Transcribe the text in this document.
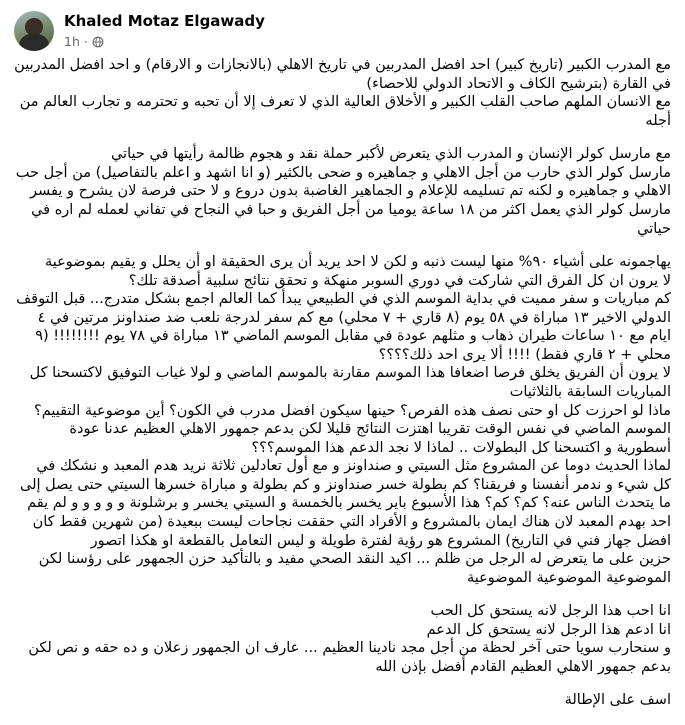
Khaled Motaz Elgawady
1h ·

مع المدرب الكبير (تاريخ كبير) احد افضل المدربين في تاريخ الاهلي (بالانجازات و الارقام) و احد افضل المدربين في القارة (بترشيح الكاف و الاتحاد الدولي للاحصاء)

مع الانسان الملهم صاحب القلب الكبير و الأخلاق العالية الذي لا تعرف إلا أن تحبه و تحترمه و تجارب العالم من أجله

مع مارسل كولر الإنسان و المدرب الذي يتعرض لأكبر حملة نقد و هجوم ظالمة رأيتها في حياتي

مارسل كولر الذي حارب من أجل الاهلي و جماهيره و ضحى بالكثير (و انا اشهد و اعلم بالتفاصيل) من أجل حب الاهلي و جماهيره و لكنه تم تسليمه للإعلام و الجماهير الغاضبة بدون دروع و لا حتى فرصة لان يشرح و يفسر

مارسل كولر الذي يعمل اكثر من ١٨ ساعة يوميا من أجل الفريق و حبا في النجاح في تفاني لعمله لم اره في حياتي

يهاجمونه على أشياء ٩٠% منها ليست ذنبه و لكن لا احد يريد أن يرى الحقيقة او أن يحلل و يقيم بموضوعية

لا يرون ان كل الفرق التي شاركت في دوري السوبر منهكة و تحقق نتائج سلبية أصدقة تلك؟

كم مباريات و سفر مميت في بداية الموسم الذي في الطبيعي يبدأ كما العالم اجمع بشكل متدرج... قبل التوقف الدولي الاخير ١٣ مباراة في ٥٨ يوم (٨ قاري + ٧ محلي) مع كم سفر لدرجة نلعب ضد صنداونز مرتين في ٤ ايام مع ١٠ ساعات طيران ذهاب و مثلهم عودة في مقابل الموسم الماضي ١٣ مباراة في ٧٨ يوم !!!!!!!! (٩ محلي + ٢ قاري فقط) !!!! ألا يرى احد ذلك؟؟؟؟

لا يرون أن الفريق يخلق فرصا اضعافا هذا الموسم مقارنة بالموسم الماضي و لولا غياب التوفيق لاكتسحنا كل المباريات السابقة بالثلاثيات

ماذا لو احرزت كل او حتى نصف هذه الفرص؟ حينها سيكون افضل مدرب في الكون؟ أين موضوعية التقييم؟

الموسم الماضي في نفس الوقت تقريبا اهتزت النتائج قليلا لكن بدعم جمهور الاهلي العظيم عدنا عودة أسطورية و اكتسحنا كل البطولات .. لماذا لا نجد الدعم هذا الموسم؟؟؟

لماذا الحديث دوما عن المشروع مثل السيتي و صنداونز و مع أول تعادلين ثلاثة نريد هدم المعبد و نشكك في كل شيء و ندمر أنفسنا و فريقنا؟ كم بطولة خسر صنداونز و كم بطولة و مباراة خسرها السيتي حتى يصل إلى ما يتحدث الناس عنه؟ كم؟ كم؟ هذا الأسبوع باير يخسر بالخمسة و السيتي يخسر و برشلونة و و و و و لم يقم احد بهدم المعبد لان هناك ايمان بالمشروع و الأفراد التي حققت نجاحات ليست ببعيدة (من شهرين فقط كان افضل جهاز فني في التاريخ) المشروع هو رؤية لفترة طويلة و ليس التعامل بالقطعة او هكذا اتصور

حزين على ما يتعرض له الرجل من ظلم ... اكيد النقد الصحي مفيد و بالتأكيد حزن الجمهور على رؤسنا لكن الموضوعية الموضوعية الموضوعية

انا احب هذا الرجل لانه يستحق كل الحب

انا ادعم هذا الرجل لانه يستحق كل الدعم

و سنحارب سويا حتى آخر لحظة من أجل مجد نادينا العظيم ... عارف ان الجمهور زعلان و ده حقه و نص لكن بدعم جمهور الاهلي العظيم القادم أفضل بإذن الله

اسف على الإطالة
